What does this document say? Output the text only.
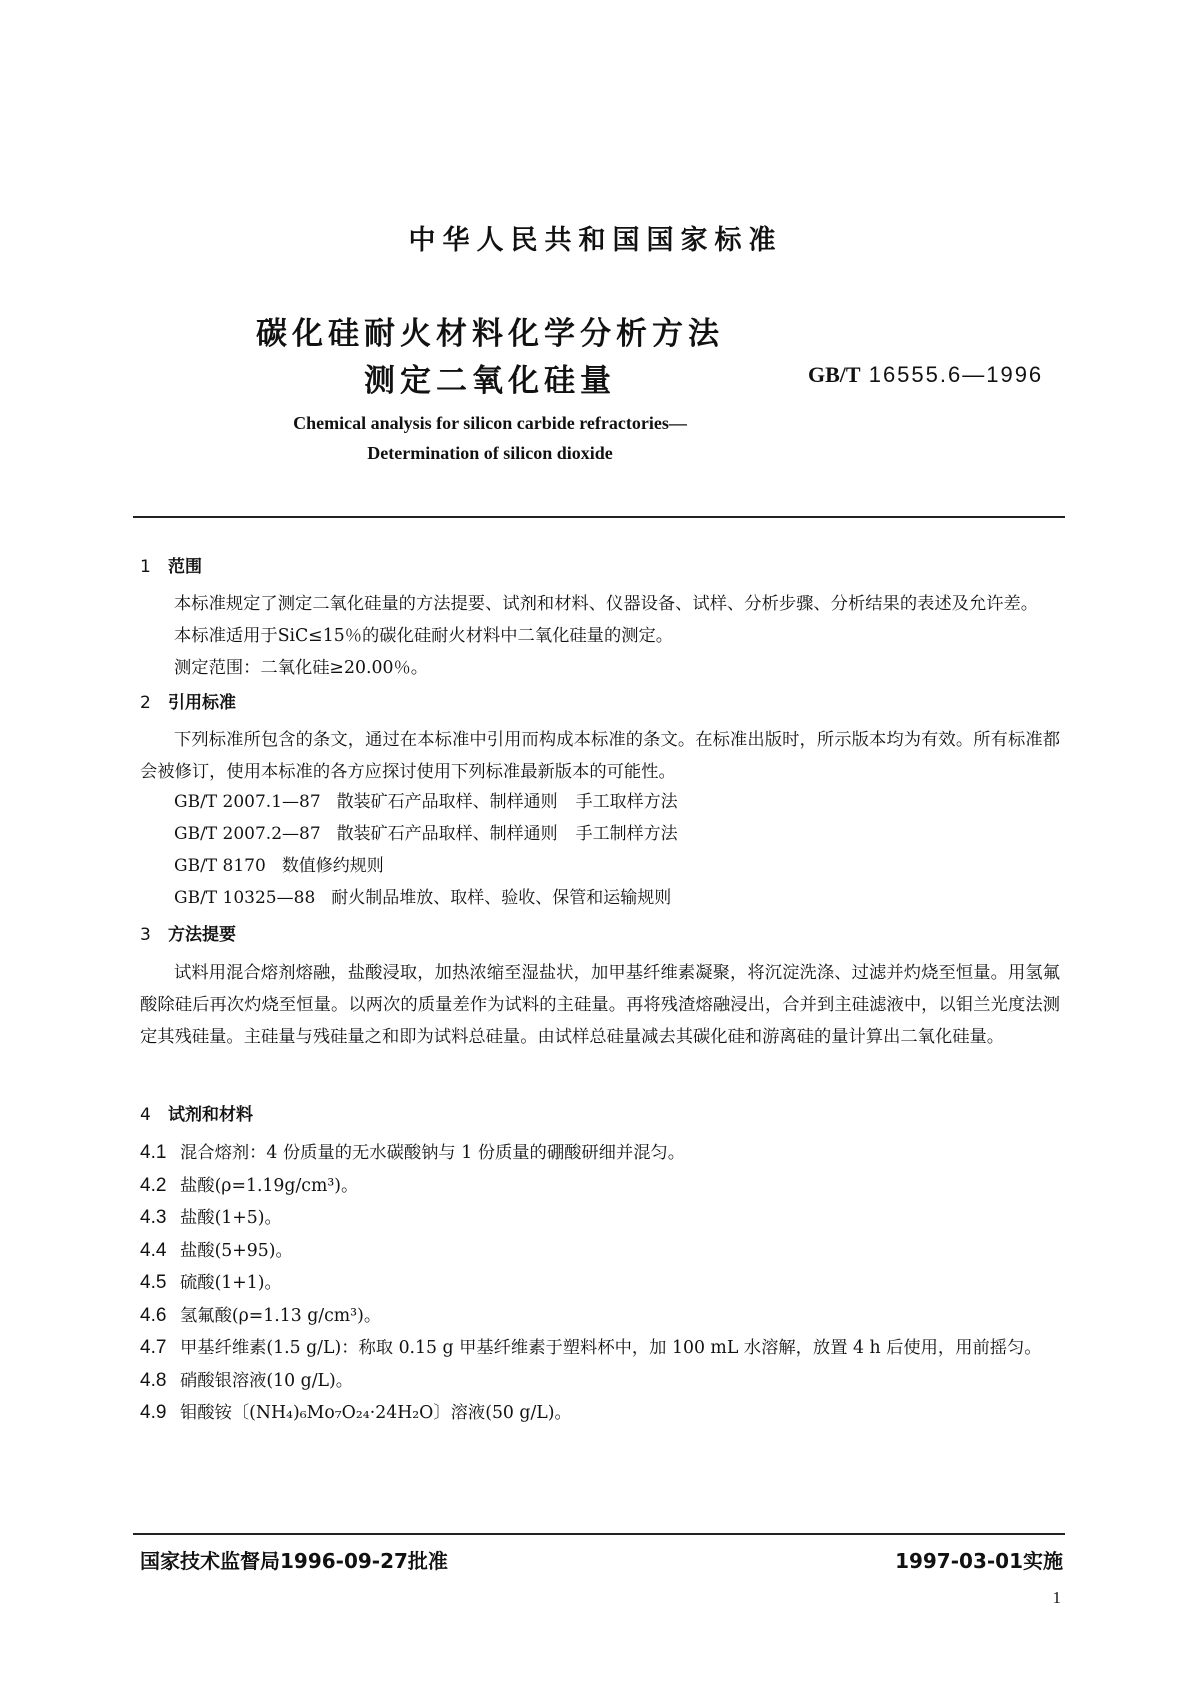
中华人民共和国国家标准
碳化硅耐火材料化学分析方法
测定二氧化硅量	GB/T 16555.6—1996
Chemical analysis for silicon carbide refractories—
Determination of silicon dioxide
1 范围

本标准规定了测定二氧化硅量的方法提要、试剂和材料、仪器设备、试样、分析步骤、分析结果的表述及允许差。

本标准适用于SiC≤15％的碳化硅耐火材料中二氧化硅量的测定。

测定范围：二氧化硅≥20.00％。

2 引用标准

下列标准所包含的条文，通过在本标准中引用而构成本标准的条文。在标准出版时，所示版本均为有效。所有标准都会被修订，使用本标准的各方应探讨使用下列标准最新版本的可能性。

GB/T 2007.1—87 散装矿石产品取样、制样通则 手工取样方法
GB/T 2007.2—87 散装矿石产品取样、制样通则 手工制样方法
GB/T 8170 数值修约规则
GB/T 10325—88 耐火制品堆放、取样、验收、保管和运输规则
3 方法提要

试料用混合熔剂熔融，盐酸浸取，加热浓缩至湿盐状，加甲基纤维素凝聚，将沉淀洗涤、过滤并灼烧至恒量。用氢氟酸除硅后再次灼烧至恒量。以两次的质量差作为试料的主硅量。再将残渣熔融浸出，合并到主硅滤液中，以钼兰光度法测定其残硅量。主硅量与残硅量之和即为试料总硅量。由试样总硅量减去其碳化硅和游离硅的量计算出二氧化硅量。

4 试剂和材料
4.1 混合熔剂：4 份质量的无水碳酸钠与 1 份质量的硼酸研细并混匀。
4.2 盐酸(ρ=1.19g/cm³)。
4.3 盐酸(1+5)。
4.4 盐酸(5+95)。
4.5 硫酸(1+1)。
4.6 氢氟酸(ρ=1.13 g/cm³)。
4.7 甲基纤维素(1.5 g/L)：称取 0.15 g 甲基纤维素于塑料杯中，加 100 mL 水溶解，放置 4 h 后使用，用前摇匀。
4.8 硝酸银溶液(10 g/L)。
4.9 钼酸铵〔(NH₄)₆Mo₇O₂₄·24H₂O〕溶液(50 g/L)。
国家技术监督局1996-09-27批准	1997-03-01实施
1
